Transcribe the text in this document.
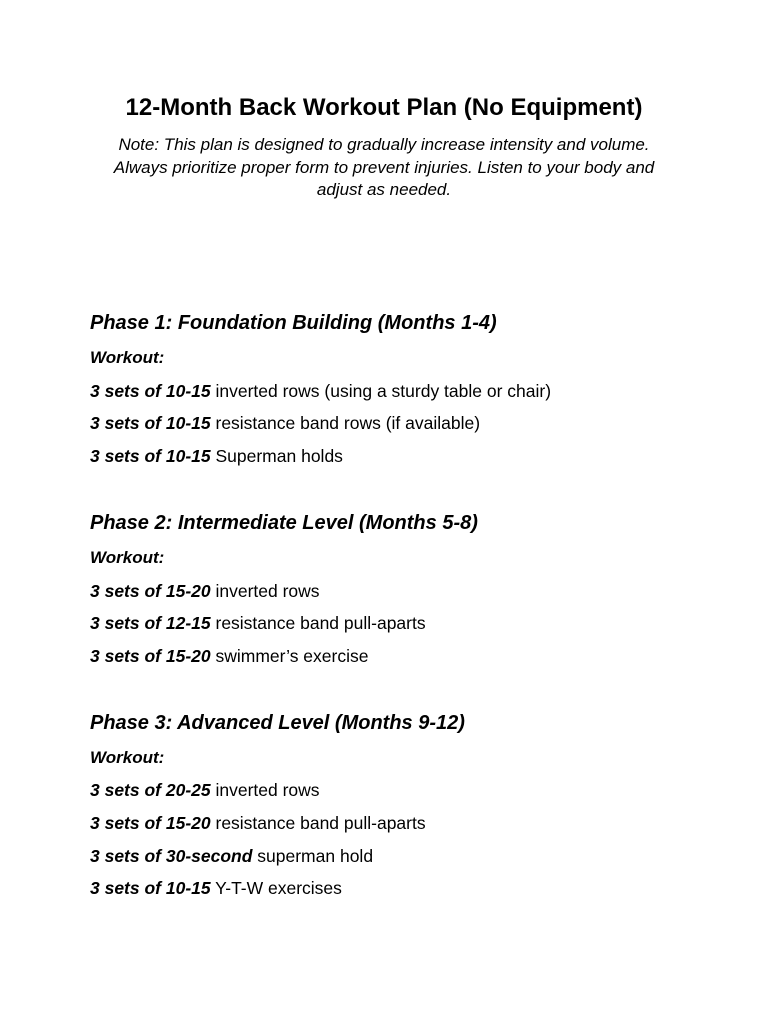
12-Month Back Workout Plan (No Equipment)

Note: This plan is designed to gradually increase intensity and volume. Always prioritize proper form to prevent injuries. Listen to your body and adjust as needed.

Phase 1: Foundation Building (Months 1-4)

Workout:

3 sets of 10-15 inverted rows (using a sturdy table or chair)

3 sets of 10-15 resistance band rows (if available)

3 sets of 10-15 Superman holds

Phase 2: Intermediate Level (Months 5-8)

Workout:

3 sets of 15-20 inverted rows

3 sets of 12-15 resistance band pull-aparts

3 sets of 15-20 swimmer’s exercise

Phase 3: Advanced Level (Months 9-12)

Workout:

3 sets of 20-25 inverted rows

3 sets of 15-20 resistance band pull-aparts

3 sets of 30-second superman hold

3 sets of 10-15 Y-T-W exercises
